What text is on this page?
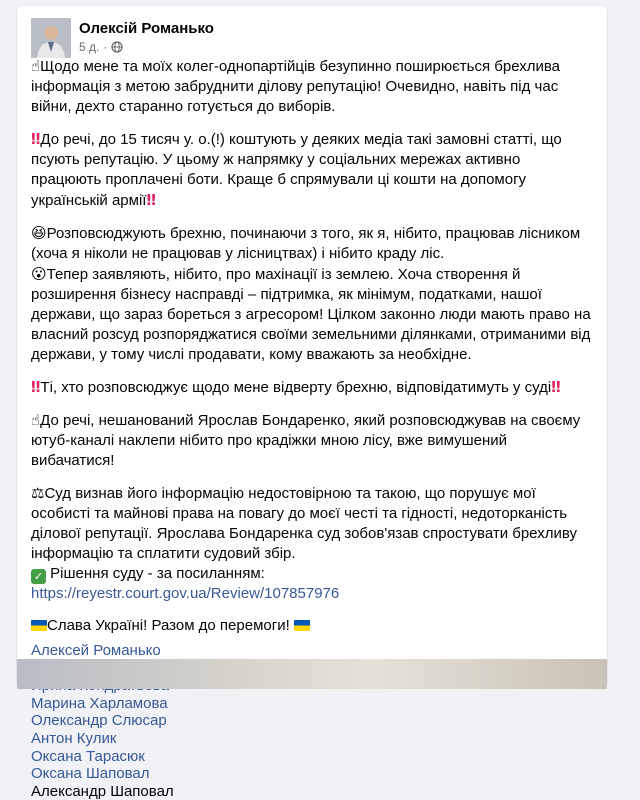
Олексій Романько
5 д. ·

☝Щодо мене та моїх колег-однопартійців безупинно поширюється брехлива інформація з метою забруднити ділову репутацію! Очевидно, навіть під час війни, дехто старанно готується до виборів.

‼До речі, до 15 тисяч у. о.(!) коштують у деяких медіа такі замовні статті, що псують репутацію. У цьому ж напрямку у соціальних мережах активно працюють проплачені боти. Краще б спрямували ці кошти на допомогу українській армії‼

😆Розповсюджують брехню, починаючи з того, як я, нібито, працював лісником (хоча я ніколи не працював у лісництвах) і нібито краду ліс.

😮Тепер заявляють, нібито, про махінації із землею. Хоча створення й розширення бізнесу насправді – підтримка, як мінімум, податками, нашої держави, що зараз бореться з агресором! Цілком законно люди мають право на власний розсуд розпоряджатися своїми земельними ділянками, отриманими від держави, у тому числі продавати, кому вважають за необхідне.

‼Ті, хто розповсюджує щодо мене відверту брехню, відповідатимуть у суді‼

☝До речі, нешанований Ярослав Бондаренко, який розповсюджував на своєму ютуб-каналі наклепи нібито про крадіжки мною лісу, вже вимушений вибачатися!

⚖Суд визнав його інформацію недостовірною та такою, що порушує мої особисті та майнові права на повагу до моєї честі та гідності, недоторканість ділової репутації. Ярослава Бондаренка суд зобов'язав спростувати брехливу інформацію та сплатити судовий збір.

✓ Рішення суду - за посиланням:

https://reyestr.court.gov.ua/Review/107857976

Слава Україні! Разом до перемоги!

Алексей Романько
Марина Харламова
Олександр Слюсар
Антон Кулик
Оксана Тарасюк
Оксана Шаповал
Александр Шаповал
